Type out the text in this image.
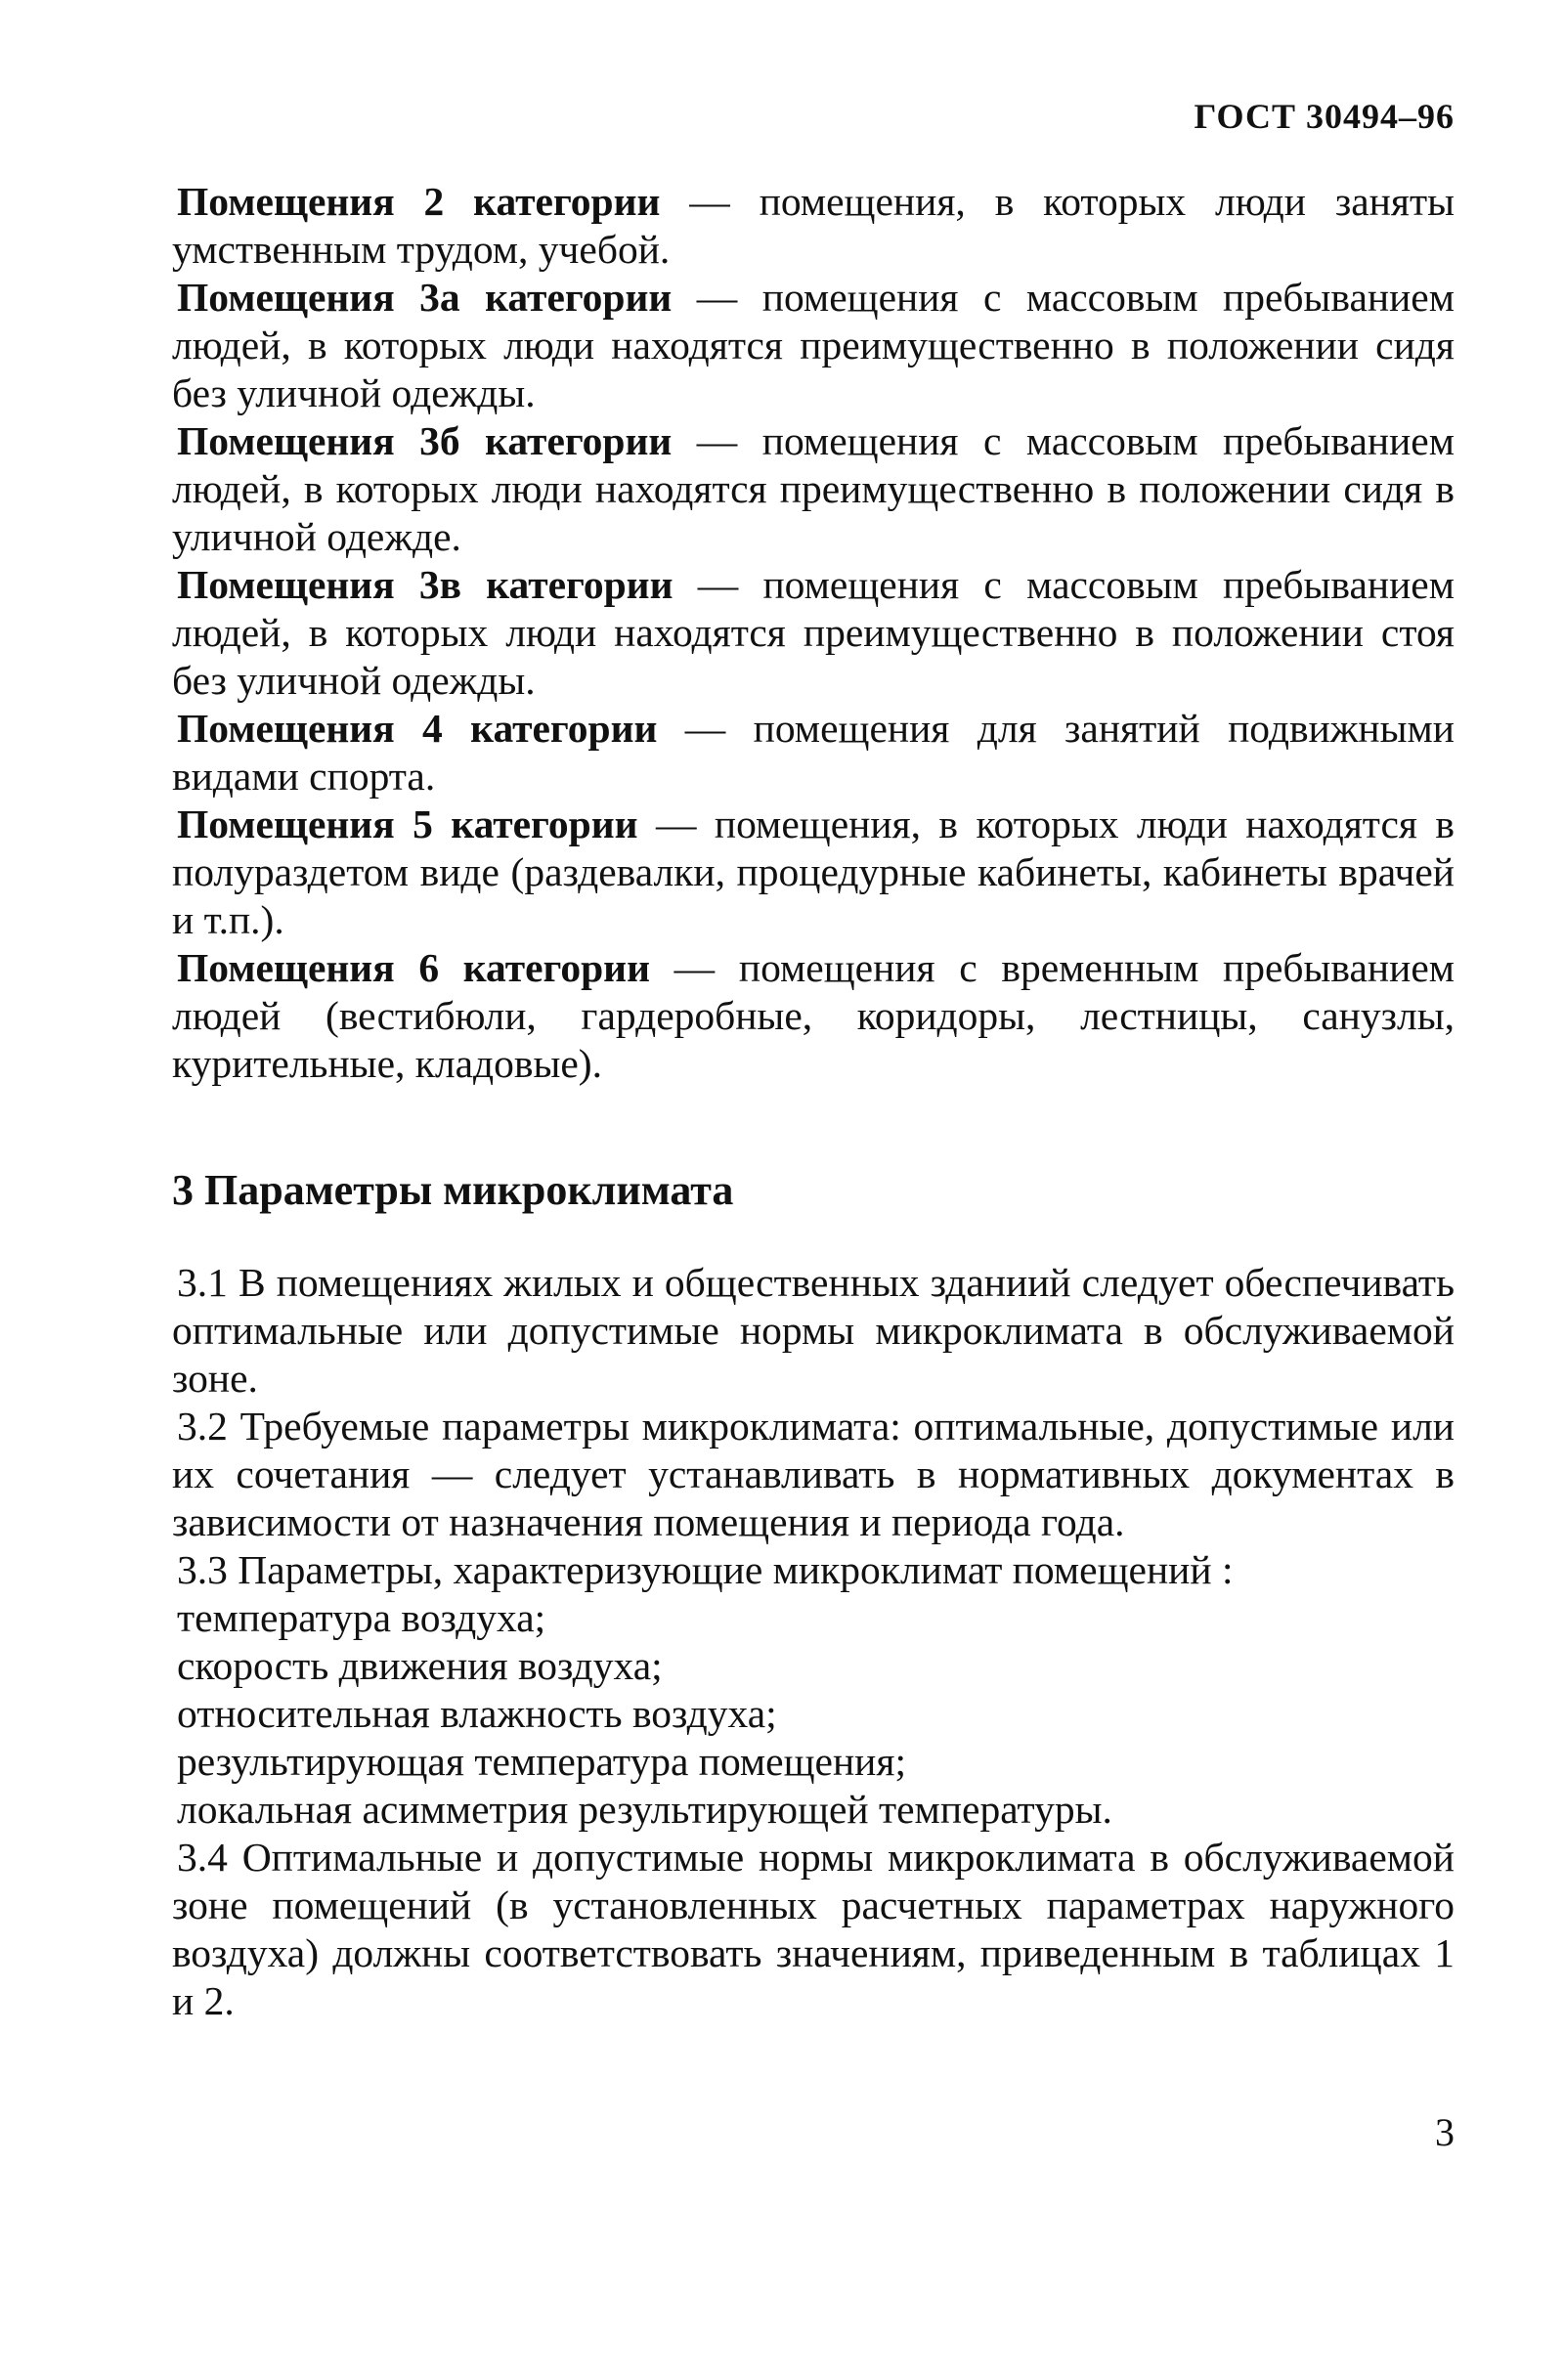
ГОСТ 30494–96

Помещения 2 категории — помещения, в которых люди заняты умственным трудом, учебой.

Помещения 3а категории — помещения с массовым пребыванием людей, в которых люди находятся преимущественно в положении сидя без уличной одежды.

Помещения 3б категории — помещения с массовым пребыванием людей, в которых люди находятся преимущественно в положении сидя в уличной одежде.

Помещения 3в категории — помещения с массовым пребыванием людей, в которых люди находятся преимущественно в положении стоя без уличной одежды.

Помещения 4 категории — помещения для занятий подвижными видами спорта.

Помещения 5 категории — помещения, в которых люди находятся в полураздетом виде (раздевалки, процедурные кабинеты, кабинеты врачей и т.п.).

Помещения 6 категории — помещения с временным пребыванием людей (вестибюли, гардеробные, коридоры, лестницы, санузлы, курительные, кладовые).

3 Параметры микроклимата

3.1 В помещениях жилых и общественных зданиий следует обеспечивать оптимальные или допустимые нормы микроклимата в обслуживаемой зоне.

3.2 Требуемые параметры микроклимата: оптимальные, допустимые или их сочетания — следует устанавливать в нормативных документах в зависимости от назначения помещения и периода года.

3.3 Параметры, характеризующие микроклимат помещений :

температура воздуха;
скорость движения воздуха;
относительная влажность воздуха;
результирующая температура помещения;
локальная асимметрия результирующей температуры.

3.4 Оптимальные и допустимые нормы микроклимата в обслуживаемой зоне помещений (в установленных расчетных параметрах наружного воздуха) должны соответствовать значениям, приведенным в таблицах 1 и 2.

3
